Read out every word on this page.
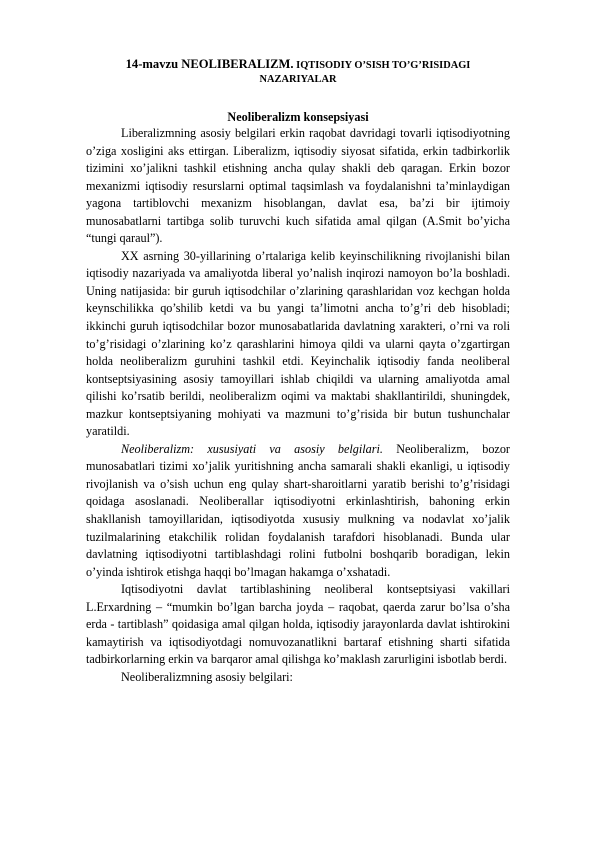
14-mavzu NEOLIBERALIZM. IQTISODIY O’SISH TO’G’RISIDAGI

NAZARIYALAR

Neoliberalizm konsepsiyasi

Liberalizmning asosiy belgilari erkin raqobat davridagi tovarli iqtisodiyotning o’ziga xosligini aks ettirgan. Liberalizm, iqtisodiy siyosat sifatida, erkin tadbirkorlik tizimini xo’jalikni tashkil etishning ancha qulay shakli deb qaragan. Erkin bozor mexanizmi iqtisodiy resurslarni optimal taqsimlash va foydalanishni ta’minlaydigan yagona tartiblovchi mexanizm hisoblangan, davlat esa, ba’zi bir ijtimoiy munosabatlarni tartibga solib turuvchi kuch sifatida amal qilgan (A.Smit bo’yicha “tungi qaraul”).

XX asrning 30-yillarining o’rtalariga kelib keyinschilikning rivojlanishi bilan iqtisodiy nazariyada va amaliyotda liberal yo’nalish inqirozi namoyon bo’la boshladi. Uning natijasida: bir guruh iqtisodchilar o’zlarining qarashlaridan voz kechgan holda keynschilikka qo’shilib ketdi va bu yangi ta’limotni ancha to’g’ri deb hisobladi; ikkinchi guruh iqtisodchilar bozor munosabatlarida davlatning xarakteri, o’rni va roli to’g’risidagi o’zlarining ko’z qarashlarini himoya qildi va ularni qayta o’zgartirgan holda neoliberalizm guruhini tashkil etdi. Keyinchalik iqtisodiy fanda neoliberal kontseptsiyasining asosiy tamoyillari ishlab chiqildi va ularning amaliyotda amal qilishi ko’rsatib berildi, neoliberalizm oqimi va maktabi shakllantirildi, shuningdek, mazkur kontseptsiyaning mohiyati va mazmuni to’g’risida bir butun tushunchalar yaratildi.

Neoliberalizm: xususiyati va asosiy belgilari. Neoliberalizm, bozor munosabatlari tizimi xo’jalik yuritishning ancha samarali shakli ekanligi, u iqtisodiy rivojlanish va o’sish uchun eng qulay shart-sharoitlarni yaratib berishi to’g’risidagi qoidaga asoslanadi. Neoliberallar iqtisodiyotni erkinlashtirish, bahoning erkin shakllanish tamoyillaridan, iqtisodiyotda xususiy mulkning va nodavlat xo’jalik tuzilmalarining etakchilik rolidan foydalanish tarafdori hisoblanadi. Bunda ular davlatning iqtisodiyotni tartiblashdagi rolini futbolni boshqarib boradigan, lekin o’yinda ishtirok etishga haqqi bo’lmagan hakamga o’xshatadi.

Iqtisodiyotni davlat tartiblashining neoliberal kontseptsiyasi vakillari L.Erxardning – “mumkin bo’lgan barcha joyda – raqobat, qaerda zarur bo’lsa o’sha erda - tartiblash” qoidasiga amal qilgan holda, iqtisodiy jarayonlarda davlat ishtirokini kamaytirish va iqtisodiyotdagi nomuvozanatlikni bartaraf etishning sharti sifatida tadbirkorlarning erkin va barqaror amal qilishga ko’maklash zarurligini isbotlab berdi.

Neoliberalizmning asosiy belgilari:
